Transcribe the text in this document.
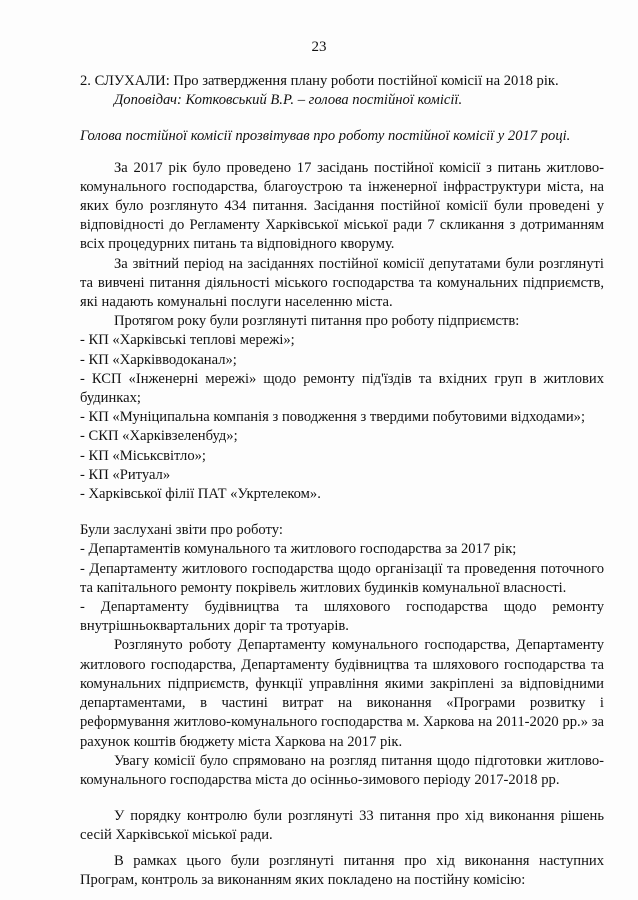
23

2. СЛУХАЛИ: Про затвердження плану роботи постійної комісії на 2018 рік.

Доповідач: Котковський В.Р. – голова постійної комісії.

Голова постійної комісії прозвітував про роботу постійної комісії у 2017 році.

За 2017 рік було проведено 17 засідань постійної комісії з питань житлово-комунального господарства, благоустрою та інженерної інфраструктури міста, на яких було розглянуто 434 питання. Засідання постійної комісії були проведені у відповідності до Регламенту Харківської міської ради 7 скликання з дотриманням всіх процедурних питань та відповідного кворуму.

За звітний період на засіданнях постійної комісії депутатами були розглянуті та вивчені питання діяльності міського господарства та комунальних підприємств, які надають комунальні послуги населенню міста.

Протягом року були розглянуті питання про роботу підприємств:

- КП «Харківські теплові мережі»;

- КП «Харківводоканал»;

- КСП «Інженерні мережі» щодо ремонту під'їздів та вхідних груп в житлових будинках;

- КП «Муніципальна компанія з поводження з твердими побутовими відходами»;

- СКП «Харківзеленбуд»;

- КП «Міськсвітло»;

- КП «Ритуал»

- Харківської філії ПАТ «Укртелеком».

Були заслухані звіти про роботу:

- Департаментів комунального та житлового господарства за 2017 рік;

- Департаменту житлового господарства щодо організації та проведення поточного та капітального ремонту покрівель житлових будинків комунальної власності.

- Департаменту будівництва та шляхового господарства щодо ремонту внутрішньоквартальних доріг та тротуарів.

Розглянуто роботу Департаменту комунального господарства, Департаменту житлового господарства, Департаменту будівництва та шляхового господарства та комунальних підприємств, функції управління якими закріплені за відповідними департаментами, в частині витрат на виконання «Програми розвитку і реформування житлово-комунального господарства м. Харкова на 2011-2020 рр.» за рахунок коштів бюджету міста Харкова на 2017 рік.

Увагу комісії було спрямовано на розгляд питання щодо підготовки житлово-комунального господарства міста до осінньо-зимового періоду 2017-2018 рр.

У порядку контролю були розглянуті 33 питання про хід виконання рішень сесій Харківської міської ради.

В рамках цього були розглянуті питання про хід виконання наступних Програм, контроль за виконанням яких покладено на постійну комісію:
